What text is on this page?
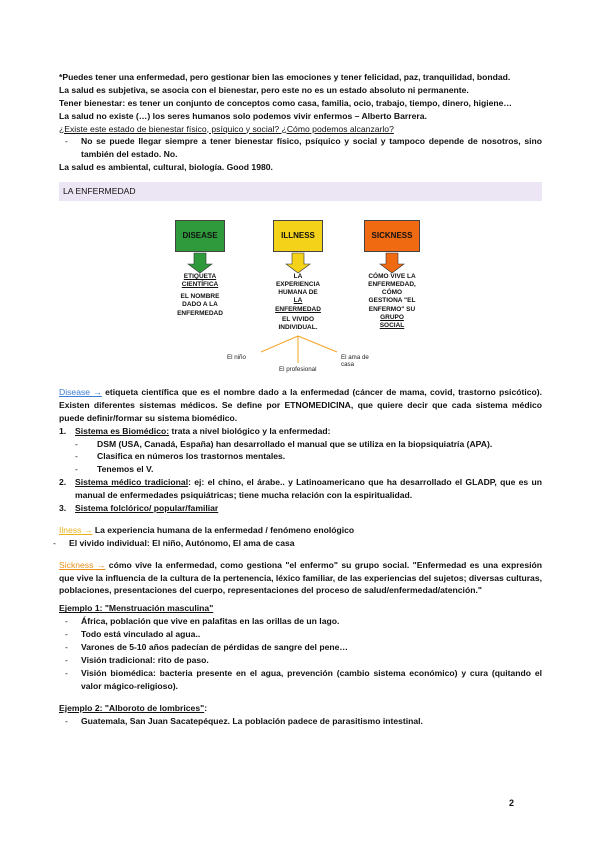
*Puedes tener una enfermedad, pero gestionar bien las emociones y tener felicidad, paz, tranquilidad, bondad.

La salud es subjetiva, se asocia con el bienestar, pero este no es un estado absoluto ni permanente.

Tener bienestar: es tener un conjunto de conceptos como casa, familia, ocio, trabajo, tiempo, dinero, higiene…

La salud no existe (…) los seres humanos solo podemos vivir enfermos – Alberto Barrera.

¿Existe este estado de bienestar físico, psíquico y social? ¿Cómo podemos alcanzarlo?

-	No se puede llegar siempre a tener bienestar físico, psíquico y social y tampoco depende de nosotros, sino también del estado. No.

La salud es ambiental, cultural, biología. Good 1980.

LA ENFERMEDAD
DISEASE	ILLNESS	SICKNESS
ETIQUETA
CIENTÍFICA
EL NOMBRE
DADO A LA
ENFERMEDAD
LA
EXPERIENCIA
HUMANA DE
LA
ENFERMEDAD
EL VIVIDO
INDIVIDUAL.
CÓMO VIVE LA
ENFERMEDAD,
CÓMO
GESTIONA "EL
ENFERMO" SU
GRUPO
SOCIAL
El niño
El profesional
El ama de
casa

Disease → etiqueta científica que es el nombre dado a la enfermedad (cáncer de mama, covid, trastorno psicótico). Existen diferentes sistemas médicos. Se define por ETNOMEDICINA, que quiere decir que cada sistema médico puede definir/formar su sistema biomédico.

1.	Sistema es Biomédico: trata a nivel biológico y la enfermedad:
-	DSM (USA, Canadá, España) han desarrollado el manual que se utiliza en la biopsiquiatría (APA).
-	Clasifica en números los trastornos mentales.
-	Tenemos el V.
2.	Sistema médico tradicional: ej: el chino, el árabe.. y Latinoamericano que ha desarrollado el GLADP, que es un manual de enfermedades psiquiátricas; tiene mucha relación con la espiritualidad.
3.	Sistema folclórico/ popular/familiar

Ilness → La experiencia humana de la enfermedad / fenómeno enológico

-	El vivido individual: El niño, Autónomo, El ama de casa

Sickness → cómo vive la enfermedad, como gestiona "el enfermo" su grupo social. "Enfermedad es una expresión que vive la influencia de la cultura de la pertenencia, léxico familiar, de las experiencias del sujetos; diversas culturas, poblaciones, presentaciones del cuerpo, representaciones del proceso de salud/enfermedad/atención."

Ejemplo 1: "Menstruación masculina"

-	África, población que vive en palafitas en las orillas de un lago.
-	Todo está vinculado al agua..
-	Varones de 5-10 años padecían de pérdidas de sangre del pene…
-	Visión tradicional: rito de paso.
-	Visión biomédica: bacteria presente en el agua, prevención (cambio sistema económico) y cura (quitando el valor mágico-religioso).

Ejemplo 2: "Alboroto de lombrices":

-	Guatemala, San Juan Sacatepéquez. La población padece de parasitismo intestinal.
2
